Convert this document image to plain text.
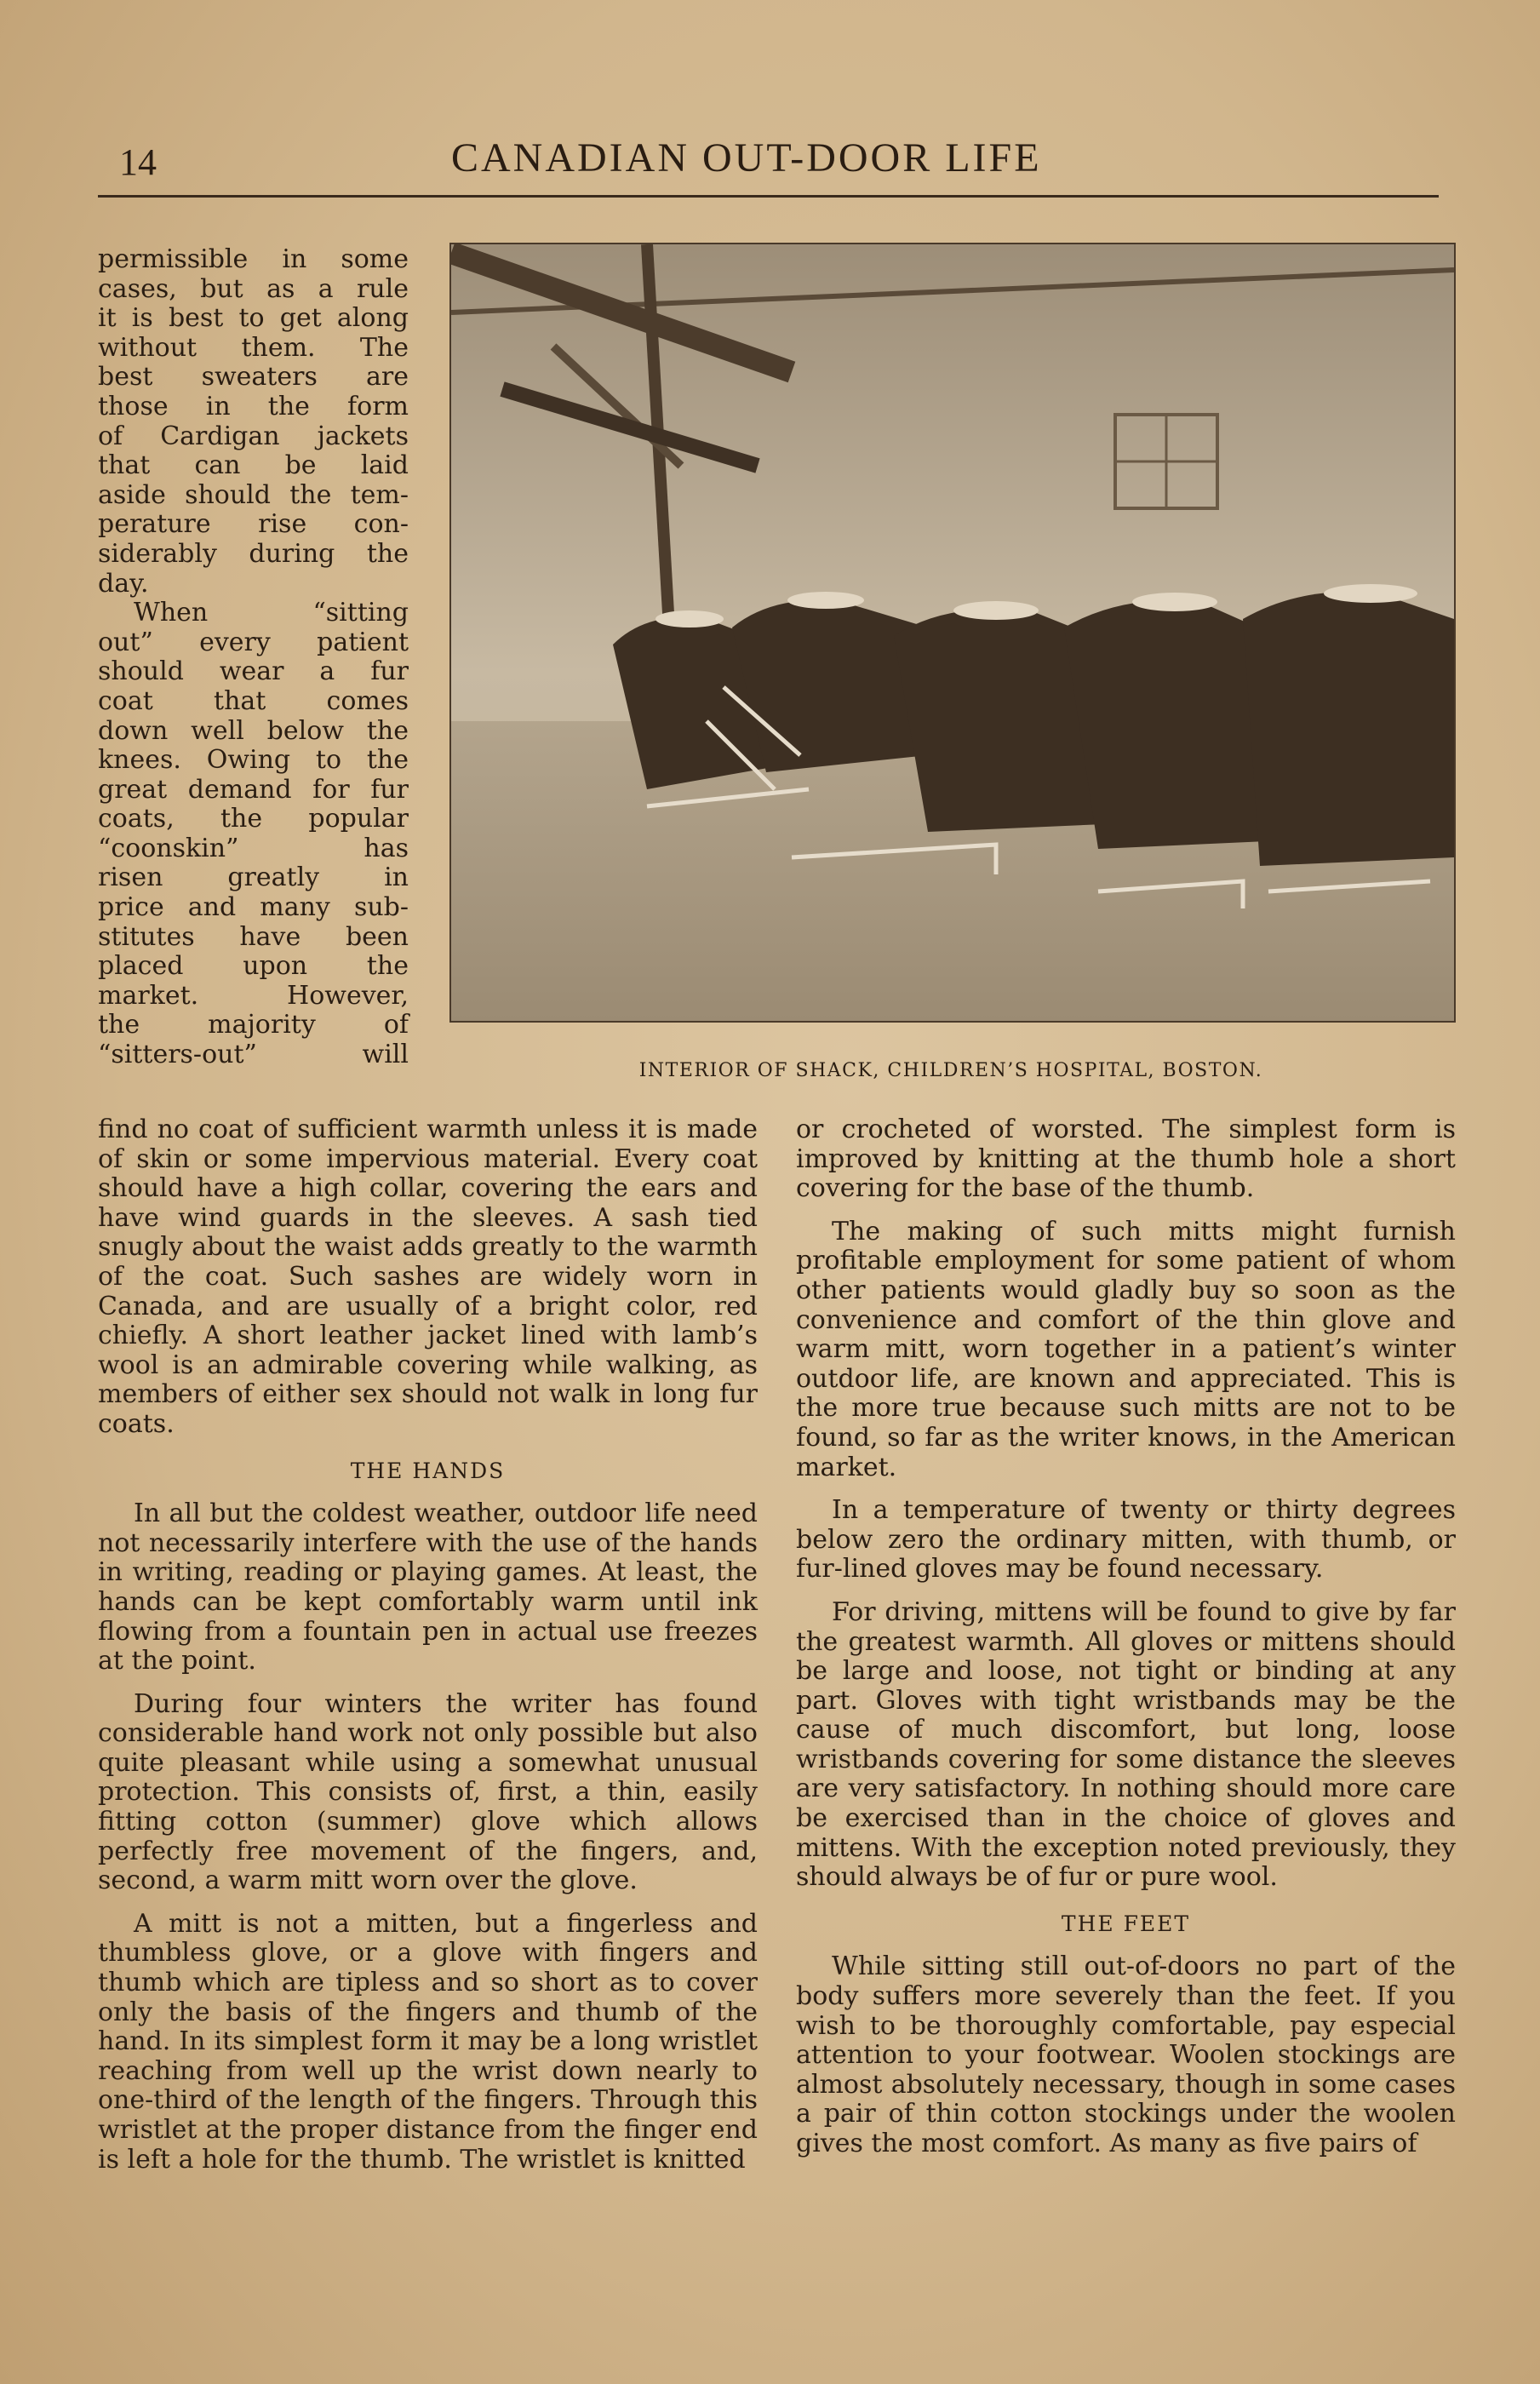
14	CANADIAN OUT-DOOR LIFE

permissible in some

cases, but as a rule

it is best to get along

without them. The

best sweaters are

those in the form

of Cardigan jackets

that can be laid

aside should the tem-

perature rise con-

siderably during the

day.

When “sitting

out” every patient

should wear a fur

coat that comes

down well below the

knees. Owing to the

great demand for fur

coats, the popular

“coonskin” has

risen greatly in

price and many sub-

stitutes have been

placed upon the

market. However,

the majority of

“sitters-out” will

INTERIOR OF SHACK, CHILDREN’S HOSPITAL, BOSTON.

find no coat of sufficient warmth unless it is made of skin or some impervious material. Every coat should have a high collar, covering the ears and have wind guards in the sleeves. A sash tied snugly about the waist adds greatly to the warmth of the coat. Such sashes are widely worn in Canada, and are usually of a bright color, red chiefly. A short leather jacket lined with lamb’s wool is an admirable covering while walking, as members of either sex should not walk in long fur coats.

THE HANDS

In all but the coldest weather, outdoor life need not necessarily interfere with the use of the hands in writing, reading or playing games. At least, the hands can be kept comfortably warm until ink flowing from a fountain pen in actual use freezes at the point.

During four winters the writer has found considerable hand work not only possible but also quite pleasant while using a somewhat unusual protection. This consists of, first, a thin, easily fitting cotton (summer) glove which allows perfectly free movement of the fingers, and, second, a warm mitt worn over the glove.

A mitt is not a mitten, but a fingerless and thumbless glove, or a glove with fingers and thumb which are tipless and so short as to cover only the basis of the fingers and thumb of the hand. In its simplest form it may be a long wristlet reaching from well up the wrist down nearly to one-third of the length of the fingers. Through this wristlet at the proper distance from the finger end is left a hole for the thumb. The wristlet is knitted

or crocheted of worsted. The simplest form is improved by knitting at the thumb hole a short covering for the base of the thumb.

The making of such mitts might furnish profitable employment for some patient of whom other patients would gladly buy so soon as the convenience and comfort of the thin glove and warm mitt, worn together in a patient’s winter outdoor life, are known and appreciated. This is the more true because such mitts are not to be found, so far as the writer knows, in the American market.

In a temperature of twenty or thirty degrees below zero the ordinary mitten, with thumb, or fur-lined gloves may be found necessary.

For driving, mittens will be found to give by far the greatest warmth. All gloves or mittens should be large and loose, not tight or binding at any part. Gloves with tight wristbands may be the cause of much discomfort, but long, loose wristbands covering for some distance the sleeves are very satisfactory. In nothing should more care be exercised than in the choice of gloves and mittens. With the exception noted previously, they should always be of fur or pure wool.

THE FEET

While sitting still out-of-doors no part of the body suffers more severely than the feet. If you wish to be thoroughly comfortable, pay especial attention to your footwear. Woolen stockings are almost absolutely necessary, though in some cases a pair of thin cotton stockings under the woolen gives the most comfort. As many as five pairs of
